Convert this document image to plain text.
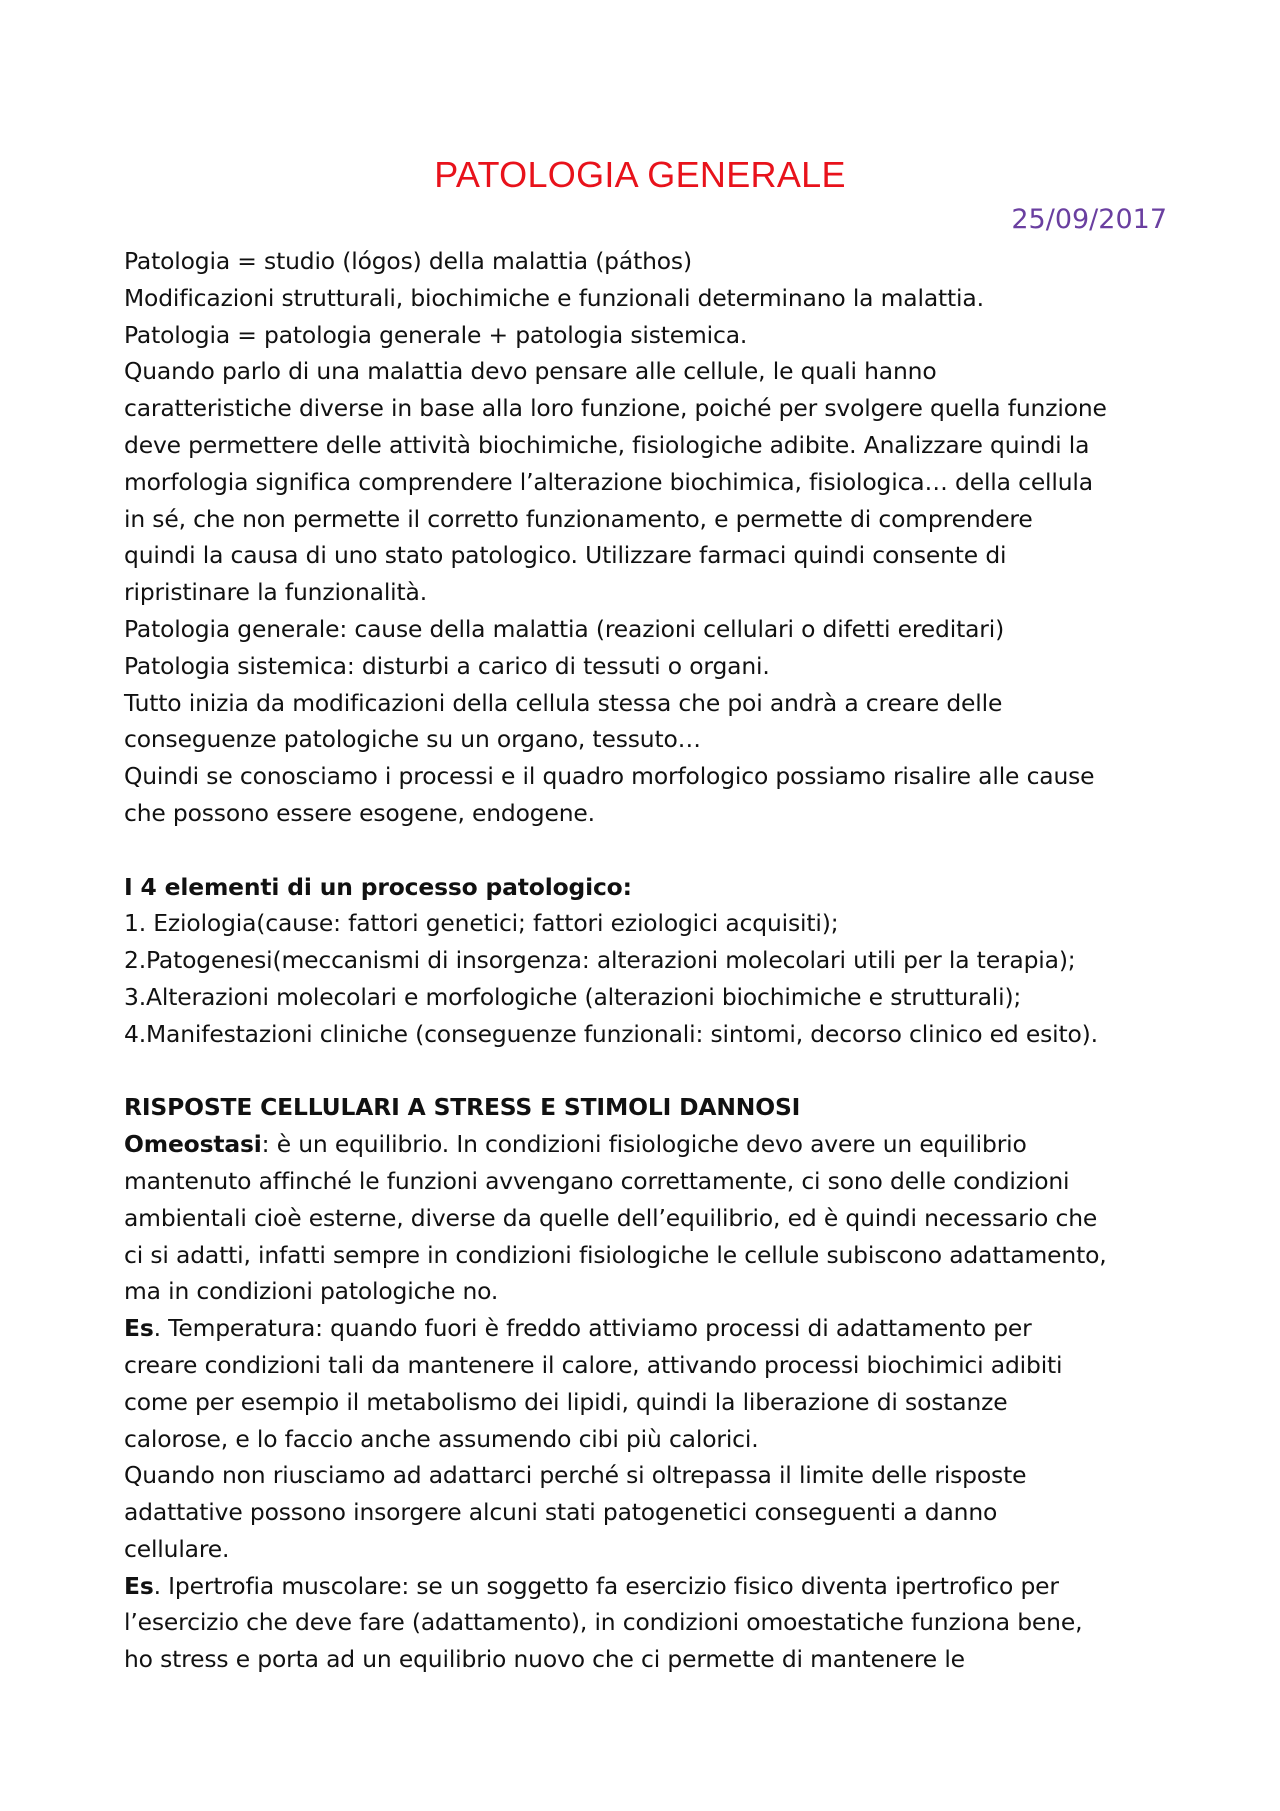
PATOLOGIA GENERALE
25/09/2017
Patologia = studio (lógos) della malattia (páthos)
Modificazioni strutturali, biochimiche e funzionali determinano la malattia.
Patologia = patologia generale + patologia sistemica.
Quando parlo di una malattia devo pensare alle cellule, le quali hanno
caratteristiche diverse in base alla loro funzione, poiché per svolgere quella funzione
deve permettere delle attività biochimiche, fisiologiche adibite. Analizzare quindi la
morfologia significa comprendere l’alterazione biochimica, fisiologica… della cellula
in sé, che non permette il corretto funzionamento, e permette di comprendere
quindi la causa di uno stato patologico. Utilizzare farmaci quindi consente di
ripristinare la funzionalità.
Patologia generale: cause della malattia (reazioni cellulari o difetti ereditari)
Patologia sistemica: disturbi a carico di tessuti o organi.
Tutto inizia da modificazioni della cellula stessa che poi andrà a creare delle
conseguenze patologiche su un organo, tessuto…
Quindi se conosciamo i processi e il quadro morfologico possiamo risalire alle cause
che possono essere esogene, endogene.
I 4 elementi di un processo patologico:
1. Eziologia(cause: fattori genetici; fattori eziologici acquisiti);
2.Patogenesi(meccanismi di insorgenza: alterazioni molecolari utili per la terapia);
3.Alterazioni molecolari e morfologiche (alterazioni biochimiche e strutturali);
4.Manifestazioni cliniche (conseguenze funzionali: sintomi, decorso clinico ed esito).
RISPOSTE CELLULARI A STRESS E STIMOLI DANNOSI
Omeostasi: è un equilibrio. In condizioni fisiologiche devo avere un equilibrio
mantenuto affinché le funzioni avvengano correttamente, ci sono delle condizioni
ambientali cioè esterne, diverse da quelle dell’equilibrio, ed è quindi necessario che
ci si adatti, infatti sempre in condizioni fisiologiche le cellule subiscono adattamento,
ma in condizioni patologiche no.
Es. Temperatura: quando fuori è freddo attiviamo processi di adattamento per
creare condizioni tali da mantenere il calore, attivando processi biochimici adibiti
come per esempio il metabolismo dei lipidi, quindi la liberazione di sostanze
calorose, e lo faccio anche assumendo cibi più calorici.
Quando non riusciamo ad adattarci perché si oltrepassa il limite delle risposte
adattative possono insorgere alcuni stati patogenetici conseguenti a danno
cellulare.
Es. Ipertrofia muscolare: se un soggetto fa esercizio fisico diventa ipertrofico per
l’esercizio che deve fare (adattamento), in condizioni omoestatiche funziona bene,
ho stress e porta ad un equilibrio nuovo che ci permette di mantenere le
